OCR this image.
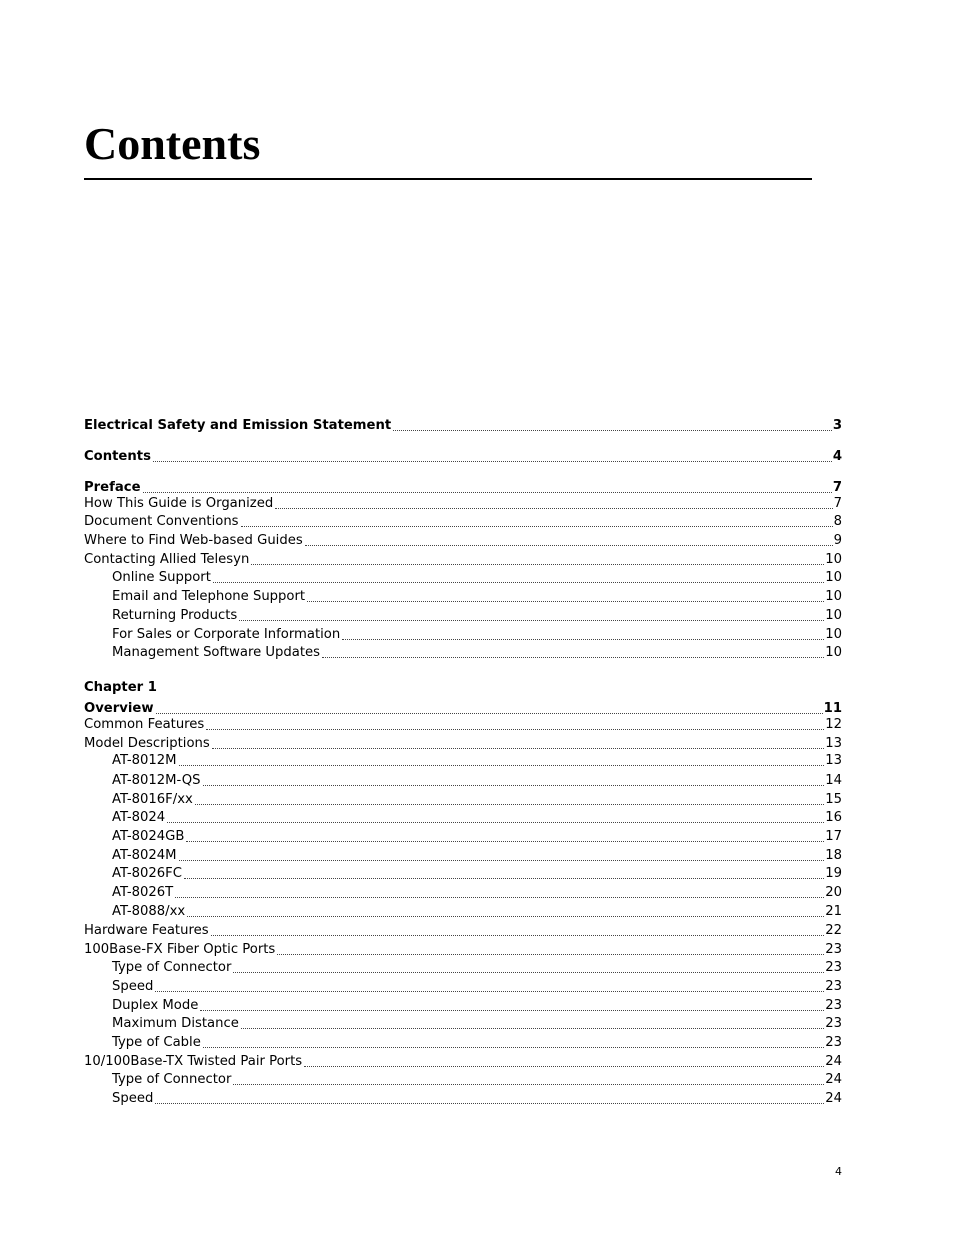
Contents
Electrical Safety and Emission Statement	3
Contents	4
Preface	7
How This Guide is Organized	7
Document Conventions	8
Where to Find Web-based Guides	9
Contacting Allied Telesyn	10
Online Support	10
Email and Telephone Support	10
Returning Products	10
For Sales or Corporate Information	10
Management Software Updates	10
Chapter 1
Overview	11
Common Features	12
Model Descriptions	13
AT-8012M	13
AT-8012M-QS	14
AT-8016F/xx	15
AT-8024	16
AT-8024GB	17
AT-8024M	18
AT-8026FC	19
AT-8026T	20
AT-8088/xx	21
Hardware Features	22
100Base-FX Fiber Optic Ports	23
Type of Connector	23
Speed	23
Duplex Mode	23
Maximum Distance	23
Type of Cable	23
10/100Base-TX Twisted Pair Ports	24
Type of Connector	24
Speed	24
4
